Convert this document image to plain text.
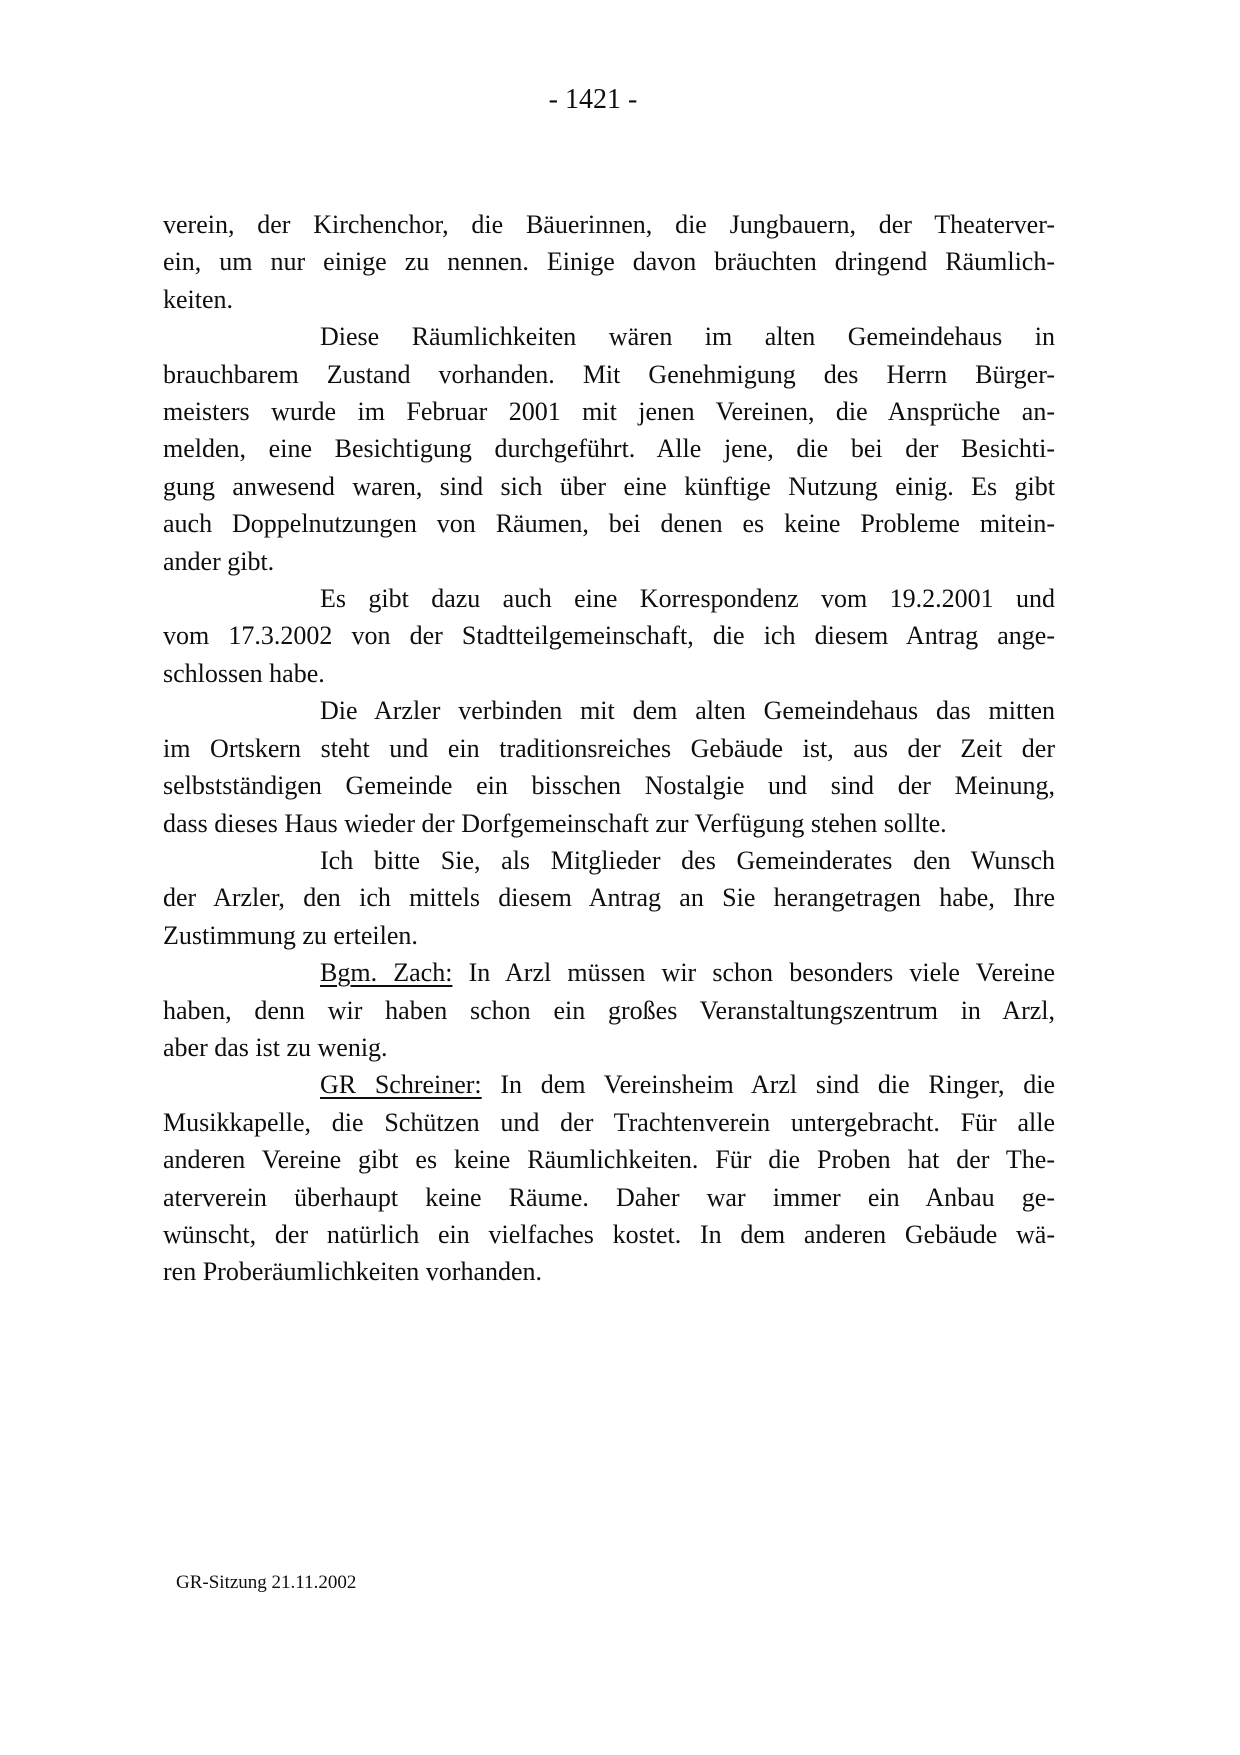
- 1421 -
verein, der Kirchenchor, die Bäuerinnen, die Jungbauern, der Theaterver-
ein, um nur einige zu nennen. Einige davon bräuchten dringend Räumlich-
keiten.
Diese Räumlichkeiten wären im alten Gemeindehaus in
brauchbarem Zustand vorhanden. Mit Genehmigung des Herrn Bürger-
meisters wurde im Februar 2001 mit jenen Vereinen, die Ansprüche an-
melden, eine Besichtigung durchgeführt. Alle jene, die bei der Besichti-
gung anwesend waren, sind sich über eine künftige Nutzung einig. Es gibt
auch Doppelnutzungen von Räumen, bei denen es keine Probleme mitein-
ander gibt.
Es gibt dazu auch eine Korrespondenz vom 19.2.2001 und
vom 17.3.2002 von der Stadtteilgemeinschaft, die ich diesem Antrag ange-
schlossen habe.
Die Arzler verbinden mit dem alten Gemeindehaus das mitten
im Ortskern steht und ein traditionsreiches Gebäude ist, aus der Zeit der
selbstständigen Gemeinde ein bisschen Nostalgie und sind der Meinung,
dass dieses Haus wieder der Dorfgemeinschaft zur Verfügung stehen sollte.
Ich bitte Sie, als Mitglieder des Gemeinderates den Wunsch
der Arzler, den ich mittels diesem Antrag an Sie herangetragen habe, Ihre
Zustimmung zu erteilen.
Bgm. Zach: In Arzl müssen wir schon besonders viele Vereine
haben, denn wir haben schon ein großes Veranstaltungszentrum in Arzl,
aber das ist zu wenig.
GR Schreiner: In dem Vereinsheim Arzl sind die Ringer, die
Musikkapelle, die Schützen und der Trachtenverein untergebracht. Für alle
anderen Vereine gibt es keine Räumlichkeiten. Für die Proben hat der The-
aterverein überhaupt keine Räume. Daher war immer ein Anbau ge-
wünscht, der natürlich ein vielfaches kostet. In dem anderen Gebäude wä-
ren Proberäumlichkeiten vorhanden.
GR-Sitzung 21.11.2002
